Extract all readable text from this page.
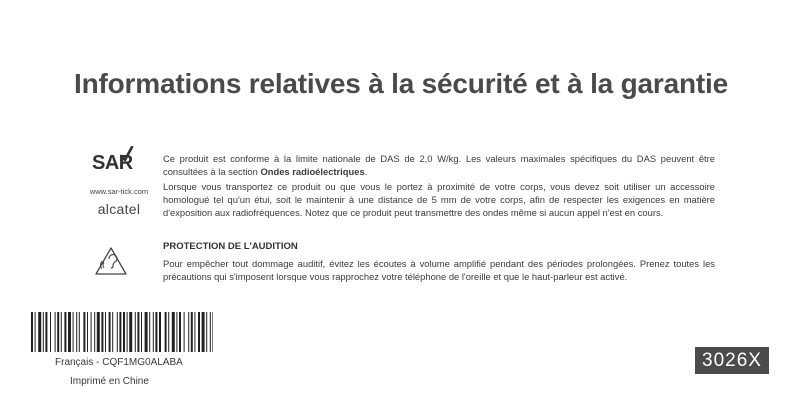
Informations relatives à la sécurité et à la garantie
SAR
www.sar-tick.com
alcatel

Ce produit est conforme à la limite nationale de DAS de 2,0 W/kg. Les valeurs maximales spécifiques du DAS peuvent être consultées à la section Ondes radioélectriques.

Lorsque vous transportez ce produit ou que vous le portez à proximité de votre corps, vous devez soit utiliser un accessoire homologué tel qu'un étui, soit le maintenir à une distance de 5 mm de votre corps, afin de respecter les exigences en matière d'exposition aux radiofréquences. Notez que ce produit peut transmettre des ondes même si aucun appel n'est en cours.
PROTECTION DE L'AUDITION
Pour empêcher tout dommage auditif, évitez les écoutes à volume amplifié pendant des périodes prolongées. Prenez toutes les précautions qui s'imposent lorsque vous rapprochez votre téléphone de l'oreille et que le haut-parleur est activé.
Français - CQF1MG0ALABA
Imprimé en Chine
3026X
